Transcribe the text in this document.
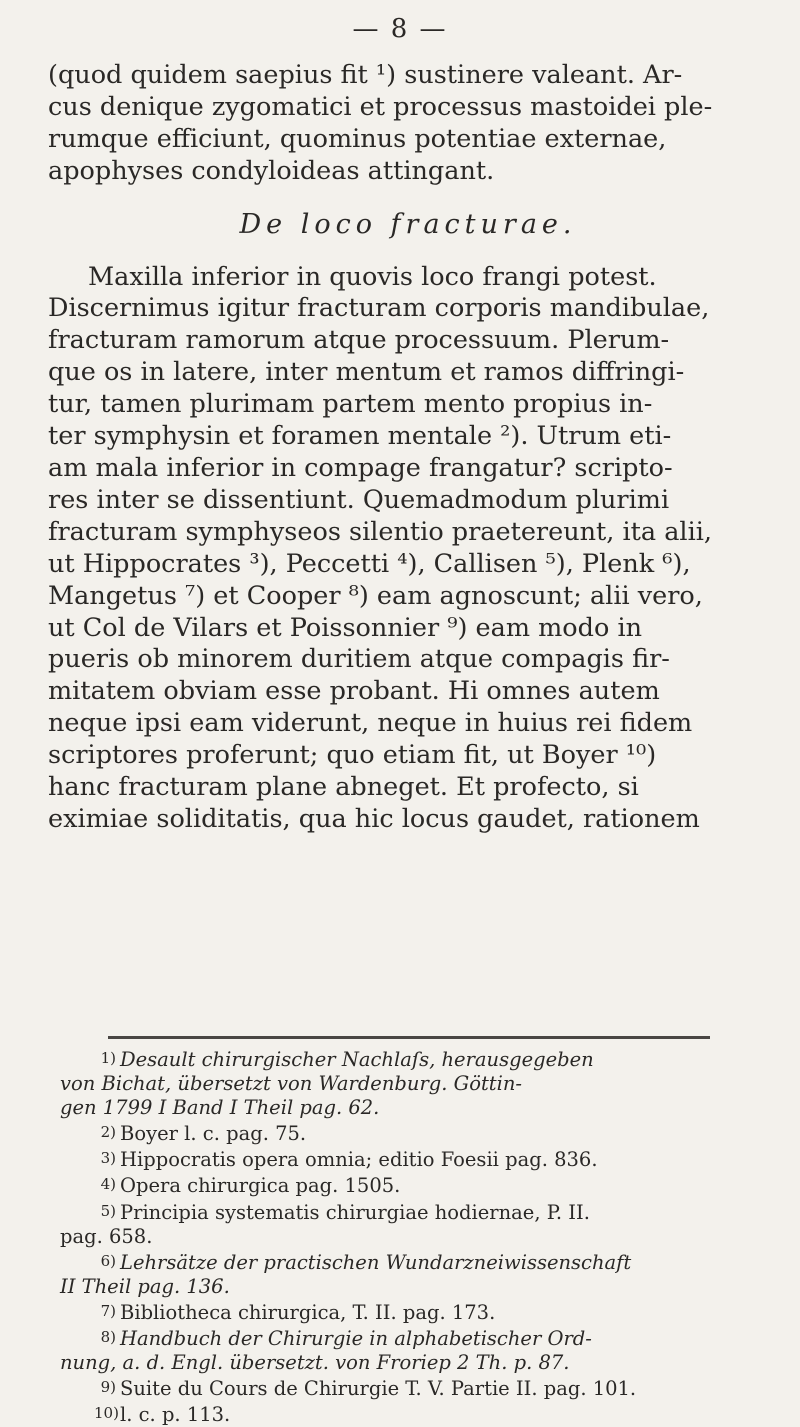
— 8 —
(quod quidem saepius fit ¹) sustinere valeant. Ar-
cus denique zygomatici et processus mastoidei ple-
rumque efficiunt, quominus potentiae externae,
apophyses condyloideas attingant.
De loco fracturae.
Maxilla inferior in quovis loco frangi potest.
Discernimus igitur fracturam corporis mandibulae,
fracturam ramorum atque processuum. Plerum-
que os in latere, inter mentum et ramos diffringi-
tur, tamen plurimam partem mento propius in-
ter symphysin et foramen mentale ²). Utrum eti-
am mala inferior in compage frangatur? scripto-
res inter se dissentiunt. Quemadmodum plurimi
fracturam symphyseos silentio praetereunt, ita alii,
ut Hippocrates ³), Peccetti ⁴), Callisen ⁵), Plenk ⁶),
Mangetus ⁷) et Cooper ⁸) eam agnoscunt; alii vero,
ut Col de Vilars et Poissonnier ⁹) eam modo in
pueris ob minorem duritiem atque compagis fir-
mitatem obviam esse probant. Hi omnes autem
neque ipsi eam viderunt, neque in huius rei fidem
scriptores proferunt; quo etiam fit, ut Boyer ¹⁰)
hanc fracturam plane abneget. Et profecto, si
eximiae soliditatis, qua hic locus gaudet, rationem
1) Desault chirurgischer Nachlaſs, herausgegeben
von Bichat, übersetzt von Wardenburg. Göttin-
gen 1799 I Band I Theil pag. 62.
2) Boyer l. c. pag. 75.
3) Hippocratis opera omnia; editio Foesii pag. 836.
4) Opera chirurgica pag. 1505.
5) Principia systematis chirurgiae hodiernae, P. II.
pag. 658.
6) Lehrsätze der practischen Wundarzneiwissenschaft
II Theil pag. 136.
7) Bibliotheca chirurgica, T. II. pag. 173.
8) Handbuch der Chirurgie in alphabetischer Ord-
nung, a. d. Engl. übersetzt. von Froriep 2 Th. p. 87.
9) Suite du Cours de Chirurgie T. V. Partie II. pag. 101.
10)l. c. p. 113.
